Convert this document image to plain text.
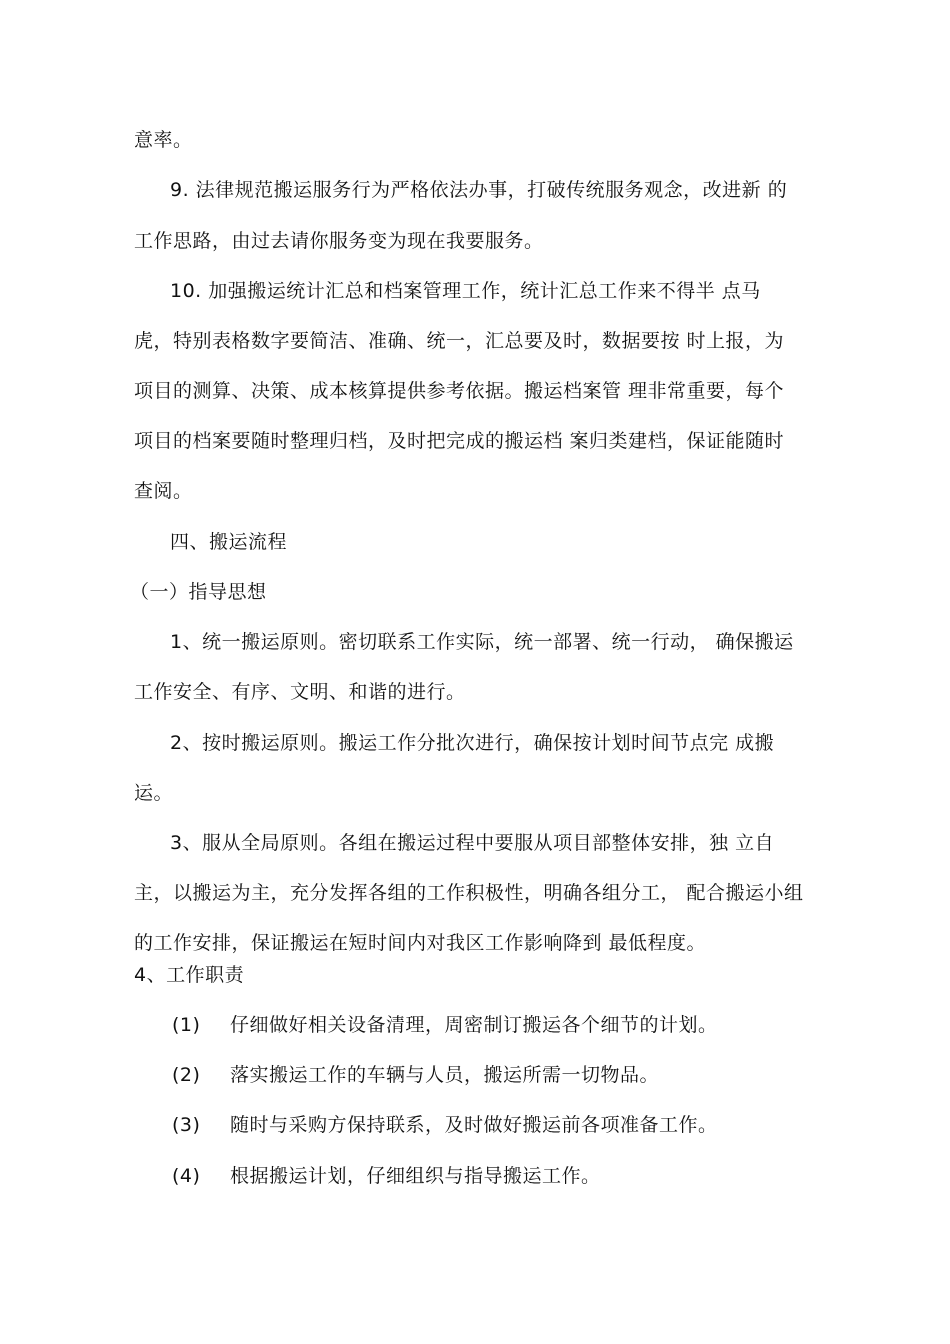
意率。
9. 法律规范搬运服务行为严格依法办事，打破传统服务观念，改进新 的
工作思路，由过去请你服务变为现在我要服务。
10. 加强搬运统计汇总和档案管理工作，统计汇总工作来不得半 点马
虎，特别表格数字要简洁、准确、统一，汇总要及时，数据要按 时上报，为
项目的测算、决策、成本核算提供参考依据。搬运档案管 理非常重要，每个
项目的档案要随时整理归档，及时把完成的搬运档 案归类建档，保证能随时
查阅。
四、搬运流程
（一）指导思想
1、统一搬运原则。密切联系工作实际，统一部署、统一行动， 确保搬运
工作安全、有序、文明、和谐的进行。
2、按时搬运原则。搬运工作分批次进行，确保按计划时间节点完 成搬
运。
3、服从全局原则。各组在搬运过程中要服从项目部整体安排，独 立自
主，以搬运为主，充分发挥各组的工作积极性，明确各组分工， 配合搬运小组
的工作安排，保证搬运在短时间内对我区工作影响降到 最低程度。
4、工作职责
(1) 仔细做好相关设备清理，周密制订搬运各个细节的计划。
(2) 落实搬运工作的车辆与人员，搬运所需一切物品。
(3) 随时与采购方保持联系，及时做好搬运前各项准备工作。
(4) 根据搬运计划，仔细组织与指导搬运工作。
